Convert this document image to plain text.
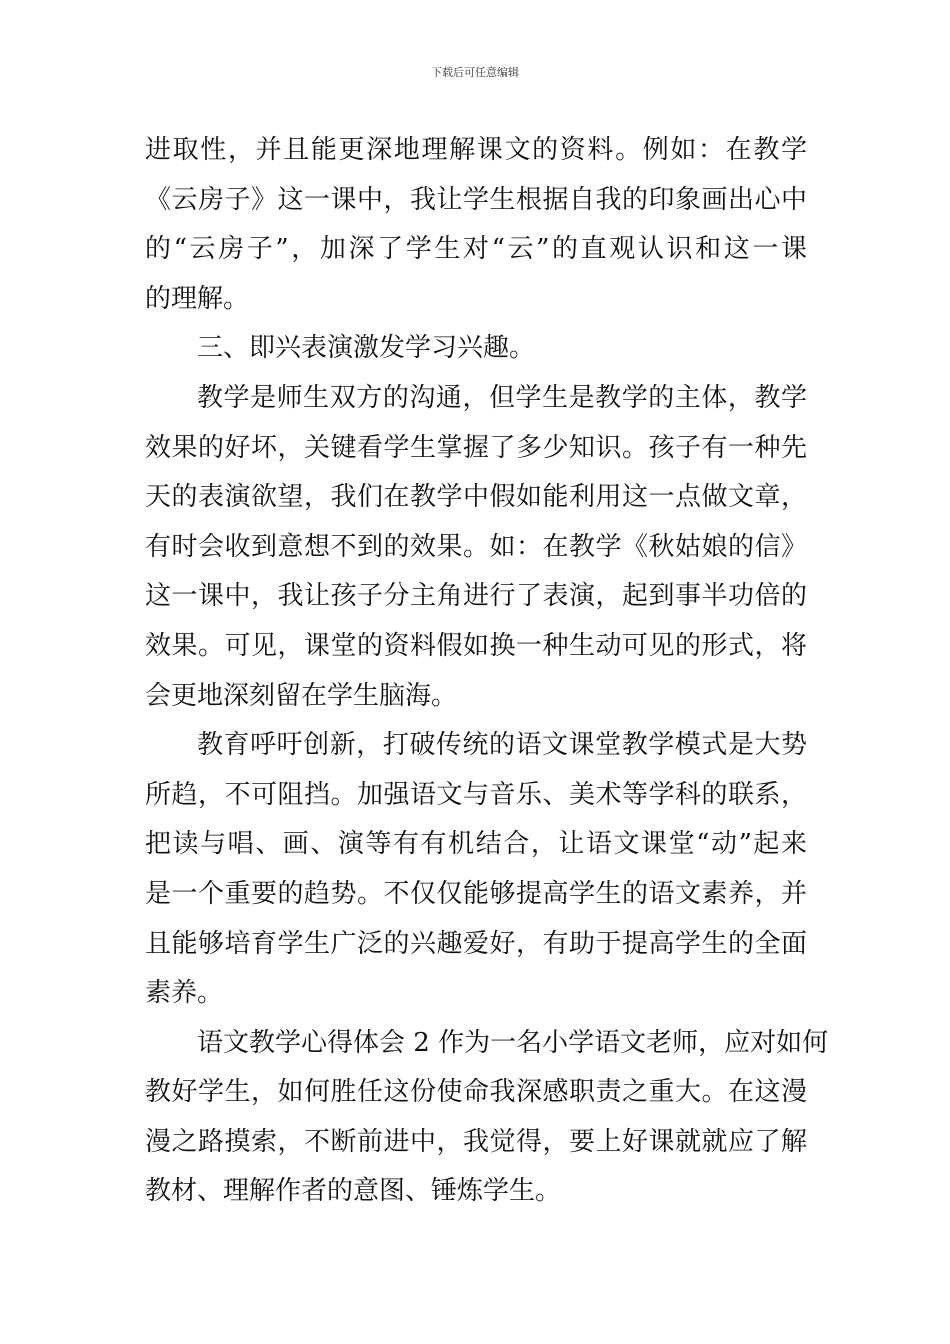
下载后可任意编辑
进取性，并且能更深地理解课文的资料。例如：在教学
《云房子》这一课中，我让学生根据自我的印象画出心中
的“云房子”，加深了学生对“云”的直观认识和这一课
的理解。
三、即兴表演激发学习兴趣。
教学是师生双方的沟通，但学生是教学的主体，教学
效果的好坏，关键看学生掌握了多少知识。孩子有一种先
天的表演欲望，我们在教学中假如能利用这一点做文章，
有时会收到意想不到的效果。如：在教学《秋姑娘的信》
这一课中，我让孩子分主角进行了表演，起到事半功倍的
效果。可见，课堂的资料假如换一种生动可见的形式，将
会更地深刻留在学生脑海。
教育呼吁创新，打破传统的语文课堂教学模式是大势
所趋，不可阻挡。加强语文与音乐、美术等学科的联系，
把读与唱、画、演等有有机结合，让语文课堂“动”起来
是一个重要的趋势。不仅仅能够提高学生的语文素养，并
且能够培育学生广泛的兴趣爱好，有助于提高学生的全面
素养。
语文教学心得体会 2 作为一名小学语文老师，应对如何
教好学生，如何胜任这份使命我深感职责之重大。在这漫
漫之路摸索，不断前进中，我觉得，要上好课就就应了解
教材、理解作者的意图、锤炼学生。
